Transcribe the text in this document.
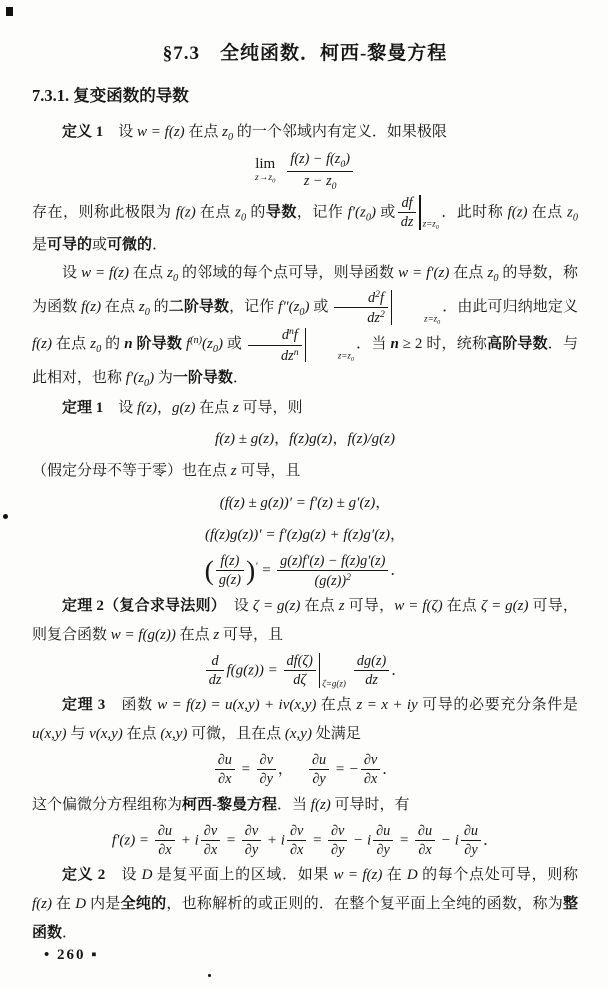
§7.3　全纯函数．柯西-黎曼方程
7.3.1. 复变函数的导数
定义 1　设 w = f(z) 在点 $z_0$ 的一个邻域内有定义．如果极限
lim
$z\to z_0 \frac{f(z) - f(z_0)}{z - z_0}$
存在，则称此极限为 f(z) 在点 $z_0$ 的导数，记作 $f'(z_0)$ 或 $\frac{df}{dz} z=z_0$
．此时称 f(z) 在点 $z_0$ 是可导的或可微的．
设 w = f(z) 在点 $z_0$ 的邻域的每个点可导，则导函数 w = f′(z) 在点 $z_0$ 的导数，称为函数 f(z) 在点 $z_0$ 的二阶导数，记作 $f''(z_0)$ 或 $\frac{d^2f}{dz^2}$	$z=z_0$
．由此可归纳地定义 f(z) 在点 $z_0$ 的 n 阶导数 $f^{(n)}(z_0)$ 或 $\frac{d^nf}{dz^n}$	$z=z_0$
．当 n ≥ 2 时，统称高阶导数．与此相对，也称 $f'(z_0)$ 为一阶导数．
定理 1　设 f(z)，g(z) 在点 z 可导，则
f(z) ± g(z)，f(z)g(z)，f(z)/g(z)
（假定分母不等于零）也在点 z 可导，且
(f(z) ± g(z))′ = f′(z) ± g′(z)，
(f(z)g(z))′ = f′(z)g(z) + f(z)g′(z)，
( $\frac{f(z)}{g(z)} )' = \frac{g(z)f'(z) - f(z)g'(z)}{(g(z))^2}$ ．
定理 2（复合求导法则）　设 ζ = g(z) 在点 z 可导，w = f(ζ) 在点 ζ = g(z) 可导，则复合函数 w = f(g(z)) 在点 z 可导，且
$\frac{d}{dz} f(g(z)) = \frac{df(\zeta)}{d\zeta} \zeta=g(z) \frac{dg(z)}{dz}$ ．
定理 3　函数 w = f(z) = u(x,y) + iv(x,y) 在点 z = x + iy 可导的必要充分条件是 u(x,y) 与 v(x,y) 在点 (x,y) 可微，且在点 (x,y) 处满足
$\frac{\partial u}{\partial x} = \frac{\partial v}{\partial y}$ ， $\frac{\partial u}{\partial y}$ = − $\frac{\partial v}{\partial x}$ ．
这个偏微分方程组称为柯西-黎曼方程．当 f(z) 可导时，有
$f'(z) = \frac{\partial u}{\partial x} + i \frac{\partial v}{\partial x} = \frac{\partial v}{\partial y} + i \frac{\partial v}{\partial x} = \frac{\partial v}{\partial y} - i \frac{\partial u}{\partial y} = \frac{\partial u}{\partial x} - i \frac{\partial u}{\partial y}$ ．
定义 2　设 D 是复平面上的区域．如果 w = f(z) 在 D 的每个点处可导，则称 f(z) 在 D 内是全纯的，也称解析的或正则的．在整个复平面上全纯的函数，称为整函数．
• 260 ▪
